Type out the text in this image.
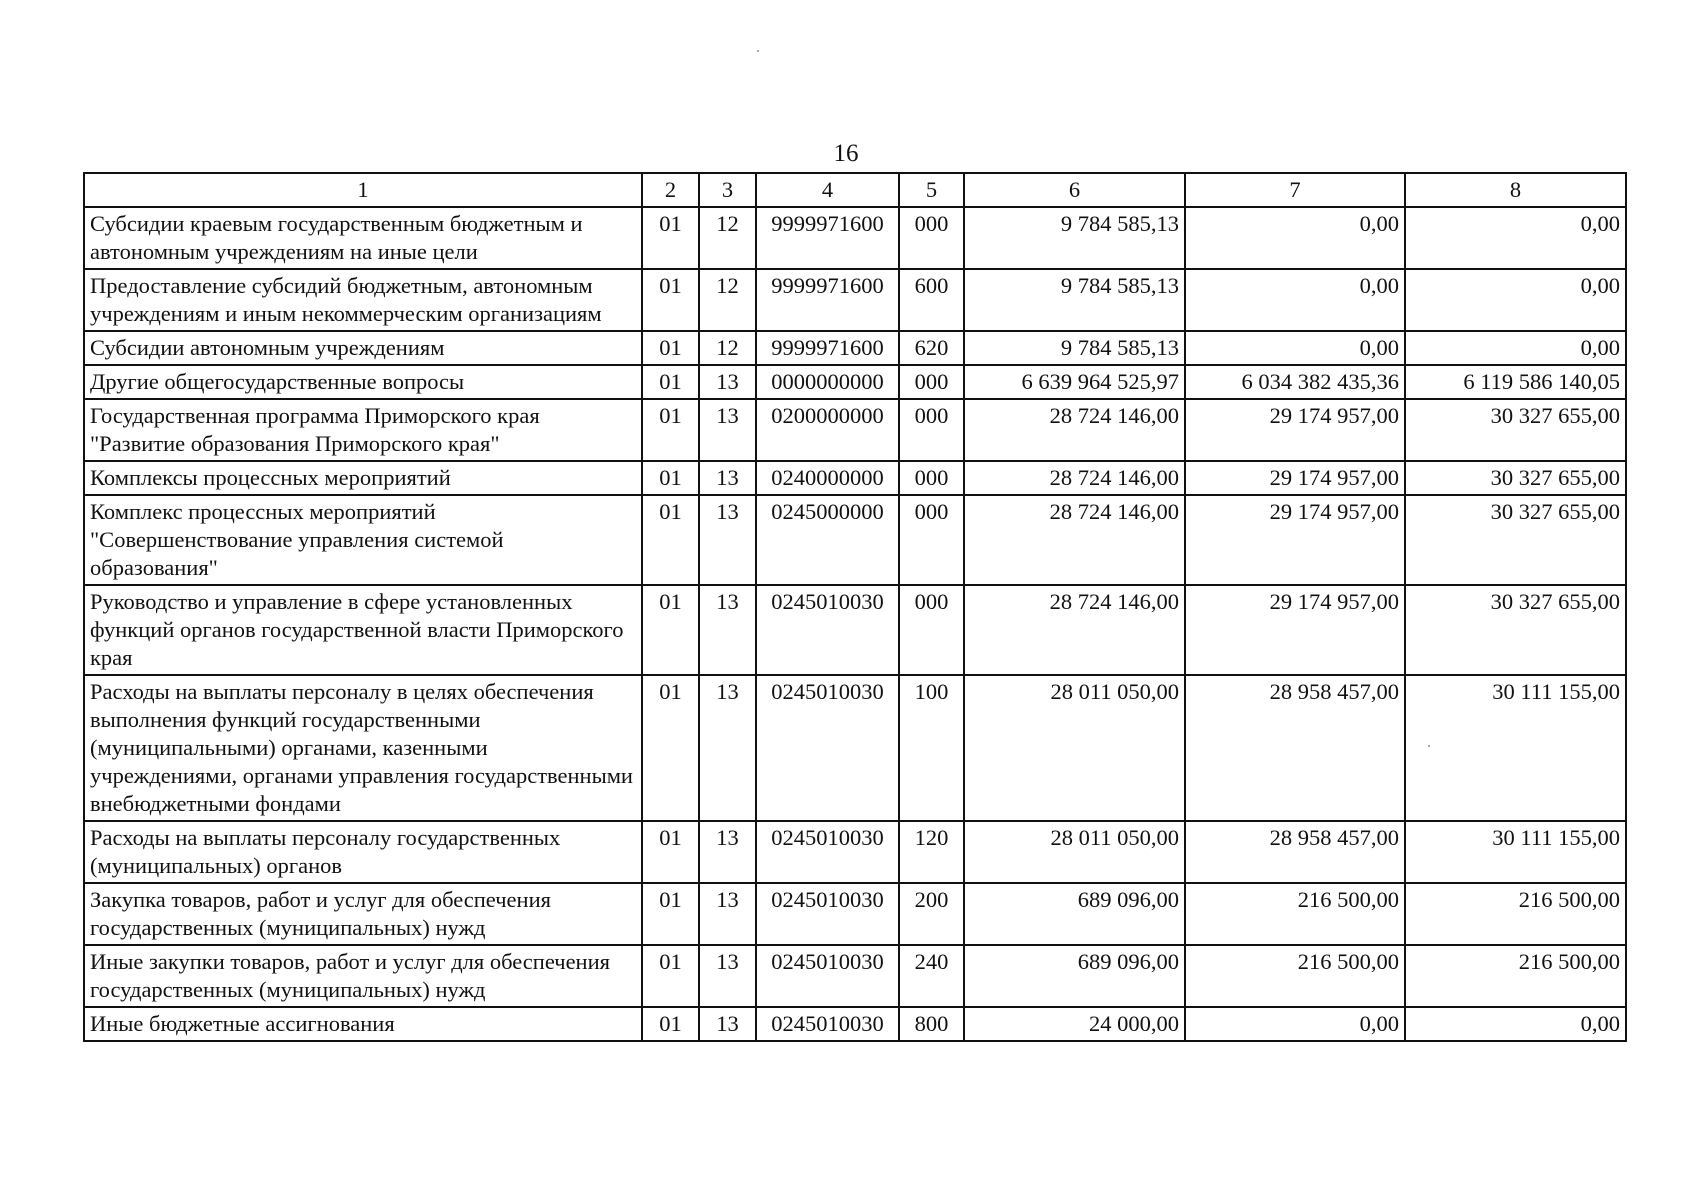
16
1	2	3	4	5	6	7	8
Субсидии краевым государственным бюджетным и автономным учреждениям на иные цели	01	12	9999971600	000	9 784 585,13	0,00	0,00
Предоставление субсидий бюджетным, автономным учреждениям и иным некоммерческим организациям	01	12	9999971600	600	9 784 585,13	0,00	0,00
Субсидии автономным учреждениям	01	12	9999971600	620	9 784 585,13	0,00	0,00
Другие общегосударственные вопросы	01	13	0000000000	000	6 639 964 525,97	6 034 382 435,36	6 119 586 140,05
Государственная программа Приморского края "Развитие образования Приморского края"	01	13	0200000000	000	28 724 146,00	29 174 957,00	30 327 655,00
Комплексы процессных мероприятий	01	13	0240000000	000	28 724 146,00	29 174 957,00	30 327 655,00
Комплекс процессных мероприятий "Совершенствование управления системой образования"	01	13	0245000000	000	28 724 146,00	29 174 957,00	30 327 655,00
Руководство и управление в сфере установленных функций органов государственной власти Приморского края	01	13	0245010030	000	28 724 146,00	29 174 957,00	30 327 655,00
Расходы на выплаты персоналу в целях обеспечения выполнения функций государственными (муниципальными) органами, казенными учреждениями, органами управления государственными внебюджетными фондами	01	13	0245010030	100	28 011 050,00	28 958 457,00	30 111 155,00
Расходы на выплаты персоналу государственных (муниципальных) органов	01	13	0245010030	120	28 011 050,00	28 958 457,00	30 111 155,00
Закупка товаров, работ и услуг для обеспечения государственных (муниципальных) нужд	01	13	0245010030	200	689 096,00	216 500,00	216 500,00
Иные закупки товаров, работ и услуг для обеспечения государственных (муниципальных) нужд	01	13	0245010030	240	689 096,00	216 500,00	216 500,00
Иные бюджетные ассигнования	01	13	0245010030	800	24 000,00	0,00	0,00
